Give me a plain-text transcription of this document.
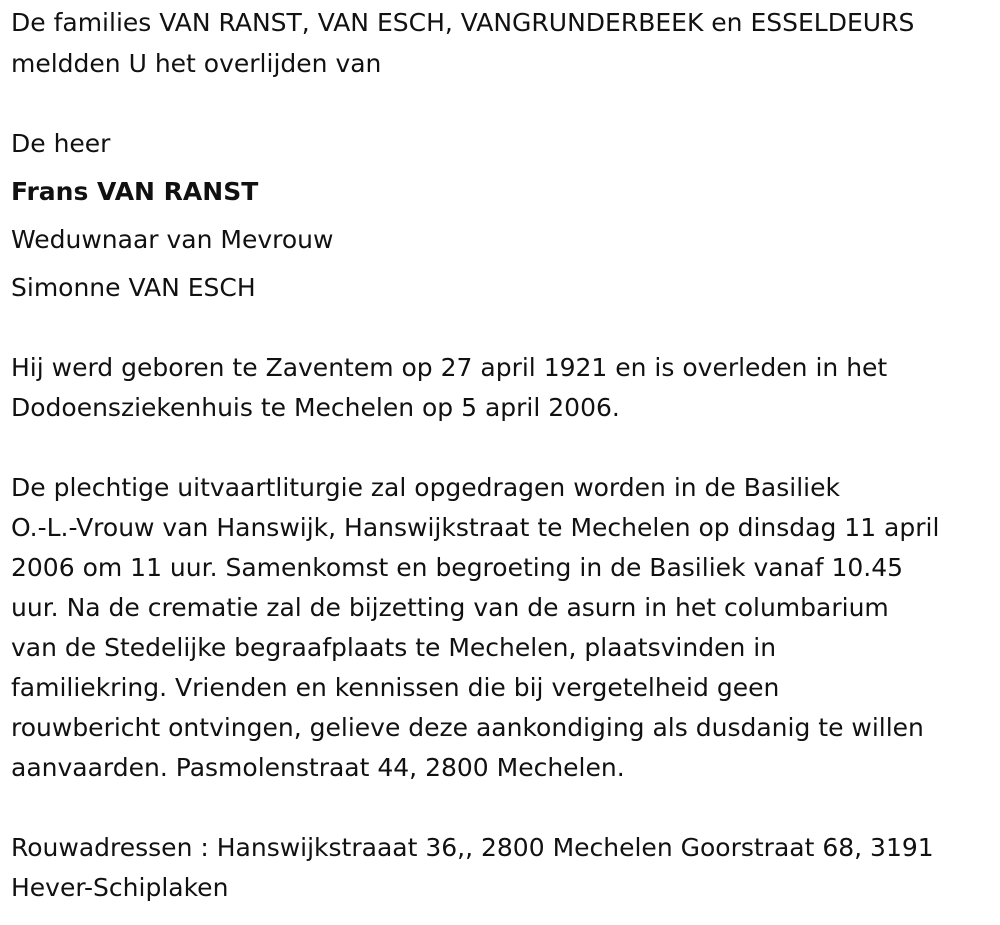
De families VAN RANST, VAN ESCH, VANGRUNDERBEEK en ESSELDEURS

meldden U het overlijden van

De heer

Frans VAN RANST

Weduwnaar van Mevrouw

Simonne VAN ESCH

Hij werd geboren te Zaventem op 27 april 1921 en is overleden in het

Dodoensziekenhuis te Mechelen op 5 april 2006.

De plechtige uitvaartliturgie zal opgedragen worden in de Basiliek

O.-L.-Vrouw van Hanswijk, Hanswijkstraat te Mechelen op dinsdag 11 april

2006 om 11 uur. Samenkomst en begroeting in de Basiliek vanaf 10.45

uur. Na de crematie zal de bijzetting van de asurn in het columbarium

van de Stedelijke begraafplaats te Mechelen, plaatsvinden in

familiekring. Vrienden en kennissen die bij vergetelheid geen

rouwbericht ontvingen, gelieve deze aankondiging als dusdanig te willen

aanvaarden. Pasmolenstraat 44, 2800 Mechelen.

Rouwadressen : Hanswijkstraaat 36,, 2800 Mechelen Goorstraat 68, 3191

Hever-Schiplaken
